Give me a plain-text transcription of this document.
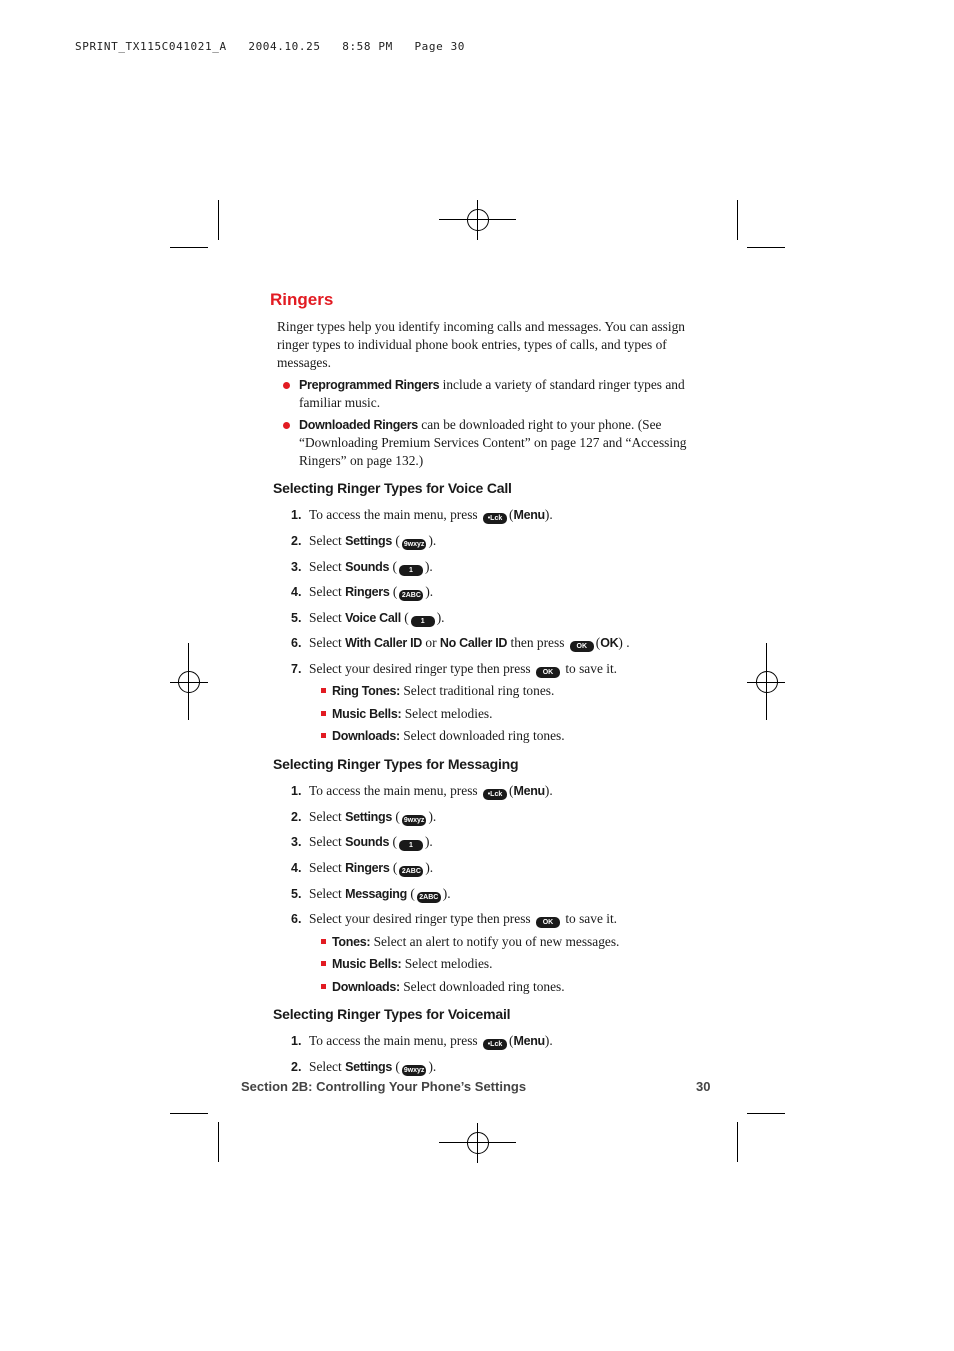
SPRINT_TX115C041021_A   2004.10.25   8:58 PM   Page 30
Ringers
Ringer types help you identify incoming calls and messages. You can assign ringer types to individual phone book entries, types of calls, and types of messages.
Preprogrammed Ringers include a variety of standard ringer types and familiar music.
Downloaded Ringers can be downloaded right to your phone. (See “Downloading Premium Services Content” on page 127 and “Accessing Ringers” on page 132.)
Selecting Ringer Types for Voice Call
1. To access the main menu, press •Lck (Menu).
2. Select Settings ( 9wxyz ).
3. Select Sounds ( 1 ).
4. Select Ringers ( 2ABC ).
5. Select Voice Call ( 1 ).
6. Select With Caller ID or No Caller ID then press OK (OK) .
7. Select your desired ringer type then press OK to save it.
Ring Tones: Select traditional ring tones.
Music Bells: Select melodies.
Downloads: Select downloaded ring tones.
Selecting Ringer Types for Messaging
1. To access the main menu, press •Lck (Menu).
2. Select Settings ( 9wxyz ).
3. Select Sounds ( 1 ).
4. Select Ringers ( 2ABC ).
5. Select Messaging ( 2ABC ).
6. Select your desired ringer type then press OK to save it.
Tones: Select an alert to notify you of new messages.
Music Bells: Select melodies.
Downloads: Select downloaded ring tones.
Selecting Ringer Types for Voicemail
1. To access the main menu, press •Lck (Menu).
2. Select Settings ( 9wxyz ).
Section 2B: Controlling Your Phone’s Settings	30
